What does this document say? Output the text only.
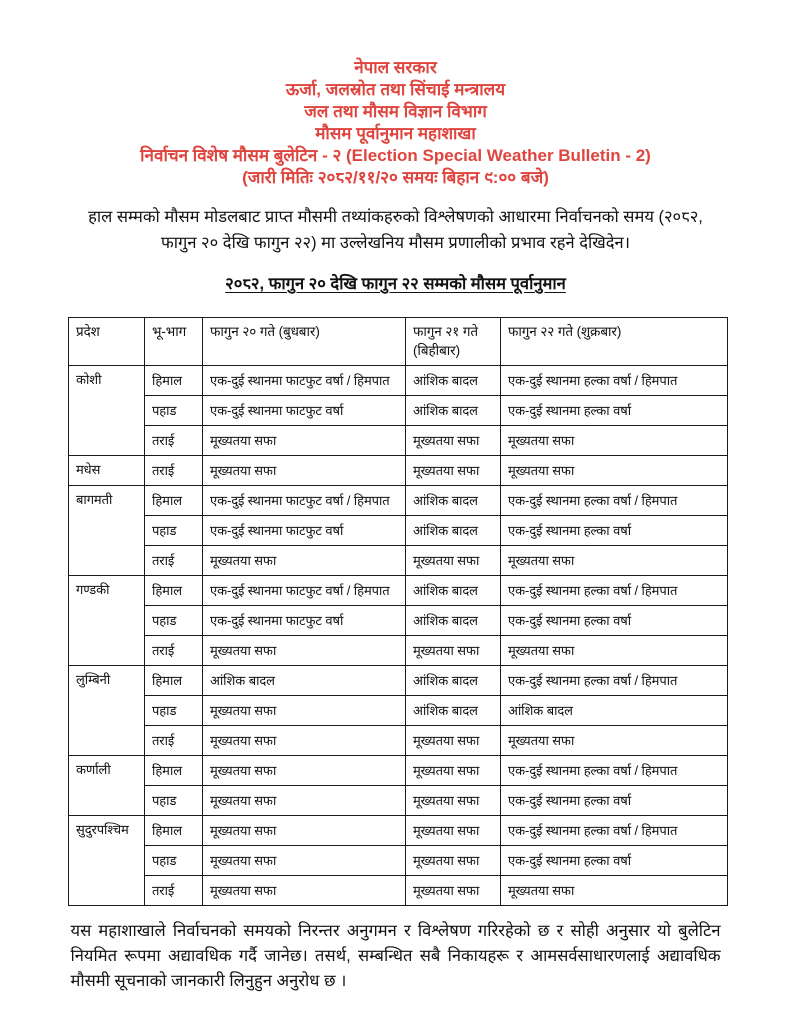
नेपाल सरकार
ऊर्जा, जलस्रोत तथा सिंचाई मन्त्रालय
जल तथा मौसम विज्ञान विभाग
मौसम पूर्वानुमान महाशाखा
निर्वाचन विशेष मौसम बुलेटिन - २ (Election Special Weather Bulletin - 2)
(जारी मितिः २०८२/११/२० समयः बिहान ९:०० बजे)

हाल सम्मको मौसम मोडलबाट प्राप्त मौसमी तथ्यांकहरुको विश्लेषणको आधारमा निर्वाचनको समय (२०८२, फागुन २० देखि फागुन २२) मा उल्लेखनिय मौसम प्रणालीको प्रभाव रहने देखिदेन।

२०८२, फागुन २० देखि फागुन २२ सम्मको मौसम पूर्वानुमान
प्रदेश	भू-भाग	फागुन २० गते (बुधबार)	फागुन २१ गते (बिहीबार)	फागुन २२ गते (शुक्रबार)
कोशी	हिमाल	एक-दुई स्थानमा फाटफुट वर्षा / हिमपात	आंशिक बादल	एक-दुई स्थानमा हल्का वर्षा / हिमपात
	पहाड	एक-दुई स्थानमा फाटफुट वर्षा	आंशिक बादल	एक-दुई स्थानमा हल्का वर्षा
	तराई	मूख्यतया सफा	मूख्यतया सफा	मूख्यतया सफा
मधेस	तराई	मूख्यतया सफा	मूख्यतया सफा	मूख्यतया सफा
बागमती	हिमाल	एक-दुई स्थानमा फाटफुट वर्षा / हिमपात	आंशिक बादल	एक-दुई स्थानमा हल्का वर्षा / हिमपात
	पहाड	एक-दुई स्थानमा फाटफुट वर्षा	आंशिक बादल	एक-दुई स्थानमा हल्का वर्षा
	तराई	मूख्यतया सफा	मूख्यतया सफा	मूख्यतया सफा
गण्डकी	हिमाल	एक-दुई स्थानमा फाटफुट वर्षा / हिमपात	आंशिक बादल	एक-दुई स्थानमा हल्का वर्षा / हिमपात
	पहाड	एक-दुई स्थानमा फाटफुट वर्षा	आंशिक बादल	एक-दुई स्थानमा हल्का वर्षा
	तराई	मूख्यतया सफा	मूख्यतया सफा	मूख्यतया सफा
लुम्बिनी	हिमाल	आंशिक बादल	आंशिक बादल	एक-दुई स्थानमा हल्का वर्षा / हिमपात
	पहाड	मूख्यतया सफा	आंशिक बादल	आंशिक बादल
	तराई	मूख्यतया सफा	मूख्यतया सफा	मूख्यतया सफा
कर्णाली	हिमाल	मूख्यतया सफा	मूख्यतया सफा	एक-दुई स्थानमा हल्का वर्षा / हिमपात
	पहाड	मूख्यतया सफा	मूख्यतया सफा	एक-दुई स्थानमा हल्का वर्षा
सुदुरपश्चिम	हिमाल	मूख्यतया सफा	मूख्यतया सफा	एक-दुई स्थानमा हल्का वर्षा / हिमपात
	पहाड	मूख्यतया सफा	मूख्यतया सफा	एक-दुई स्थानमा हल्का वर्षा
	तराई	मूख्यतया सफा	मूख्यतया सफा	मूख्यतया सफा

यस महाशाखाले निर्वाचनको समयको निरन्तर अनुगमन र विश्लेषण गरिरहेको छ र सोही अनुसार यो बुलेटिन नियमित रूपमा अद्यावधिक गर्दै जानेछ। तसर्थ, सम्बन्धित सबै निकायहरू र आमसर्वसाधारणलाई अद्यावधिक मौसमी सूचनाको जानकारी लिनुहुन अनुरोध छ ।
